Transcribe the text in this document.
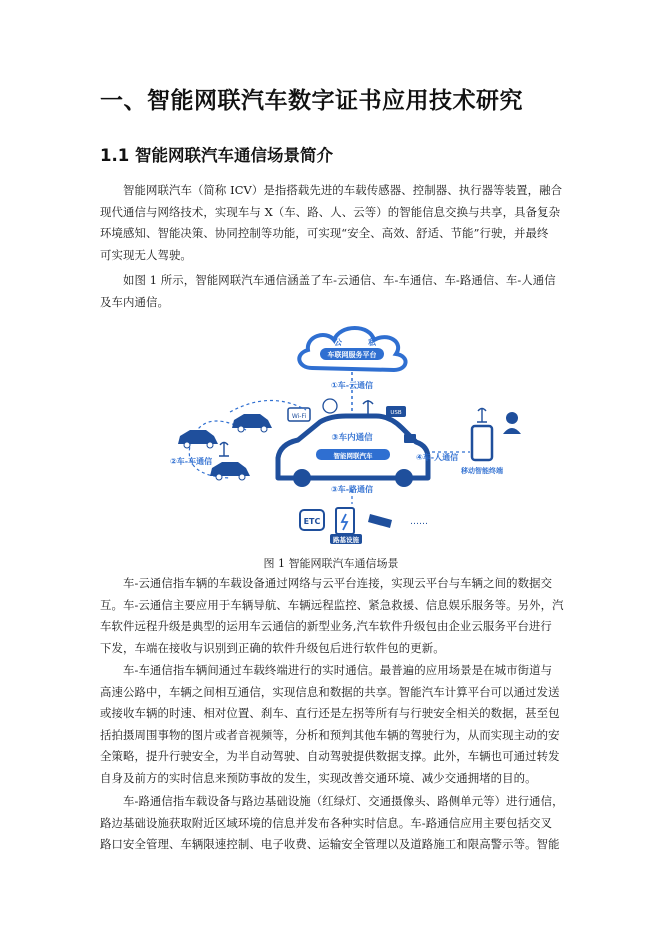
一、智能网联汽车数字证书应用技术研究
1.1 智能网联汽车通信场景简介
智能网联汽车（简称 ICV）是指搭载先进的车载传感器、控制器、执行器等装置，融合
现代通信与网络技术，实现车与 X（车、路、人、云等）的智能信息交换与共享，具备复杂
环境感知、智能决策、协同控制等功能，可实现“安全、高效、舒适、节能”行驶，并最终
可实现无人驾驶。
如图 1 所示，智能网联汽车通信涵盖了车-云通信、车-车通信、车-路通信、车-人通信
及车内通信。
公	私
车联网服务平台
①车-云通信
Wi-Fi	USB
③车内通信
智能网联汽车
②车-车通信	④车-人通信
移动智能终端
③车-路通信
ETC	……
路基设施
图 1 智能网联汽车通信场景
车-云通信指车辆的车载设备通过网络与云平台连接，实现云平台与车辆之间的数据交
互。车-云通信主要应用于车辆导航、车辆远程监控、紧急救援、信息娱乐服务等。另外，汽
车软件远程升级是典型的运用车云通信的新型业务,汽车软件升级包由企业云服务平台进行
下发，车端在接收与识别到正确的软件升级包后进行软件包的更新。
车-车通信指车辆间通过车载终端进行的实时通信。最普遍的应用场景是在城市街道与
高速公路中，车辆之间相互通信，实现信息和数据的共享。智能汽车计算平台可以通过发送
或接收车辆的时速、相对位置、刹车、直行还是左拐等所有与行驶安全相关的数据，甚至包
括拍摄周围事物的图片或者音视频等，分析和预判其他车辆的驾驶行为，从而实现主动的安
全策略，提升行驶安全，为半自动驾驶、自动驾驶提供数据支撑。此外，车辆也可通过转发
自身及前方的实时信息来预防事故的发生，实现改善交通环境、减少交通拥堵的目的。
车-路通信指车载设备与路边基础设施（红绿灯、交通摄像头、路侧单元等）进行通信，
路边基础设施获取附近区域环境的信息并发布各种实时信息。车-路通信应用主要包括交叉
路口安全管理、车辆限速控制、电子收费、运输安全管理以及道路施工和限高警示等。智能
